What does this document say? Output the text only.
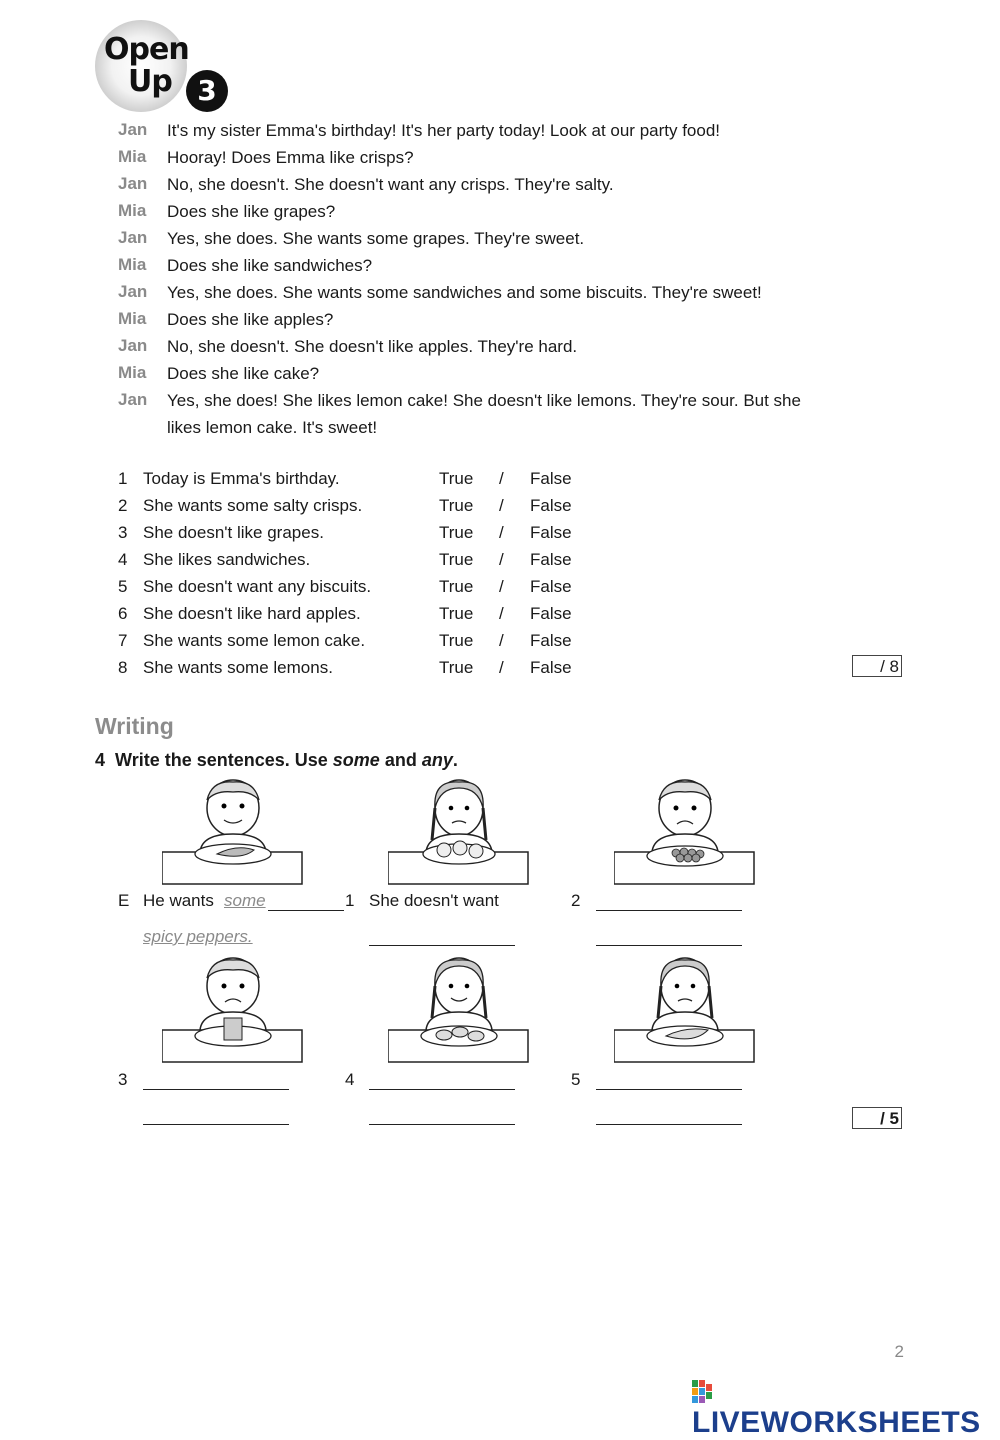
Open
Up 3
Jan	It's my sister Emma's birthday! It's her party today! Look at our party food!
Mia	Hooray! Does Emma like crisps?
Jan	No, she doesn't. She doesn't want any crisps. They're salty.
Mia	Does she like grapes?
Jan	Yes, she does. She wants some grapes. They're sweet.
Mia	Does she like sandwiches?
Jan	Yes, she does. She wants some sandwiches and some biscuits. They're sweet!
Mia	Does she like apples?
Jan	No, she doesn't. She doesn't like apples. They're hard.
Mia	Does she like cake?
Jan	Yes, she does! She likes lemon cake! She doesn't like lemons. They're sour. But she likes lemon cake. It's sweet!
1 Today is Emma's birthday.	True / False
2 She wants some salty crisps.	True / False
3 She doesn't like grapes.	True / False
4 She likes sandwiches.	True / False
5 She doesn't want any biscuits.	True / False
6 She doesn't like hard apples.	True / False
7 She wants some lemon cake.	True / False
8 She wants some lemons.	True / False	/ 8
Writing
4 Write the sentences. Use some and any.
E He wants some
spicy peppers.
1 She doesn't want	2
3	4	5
/ 5
2
LIVEWORKSHEETS
